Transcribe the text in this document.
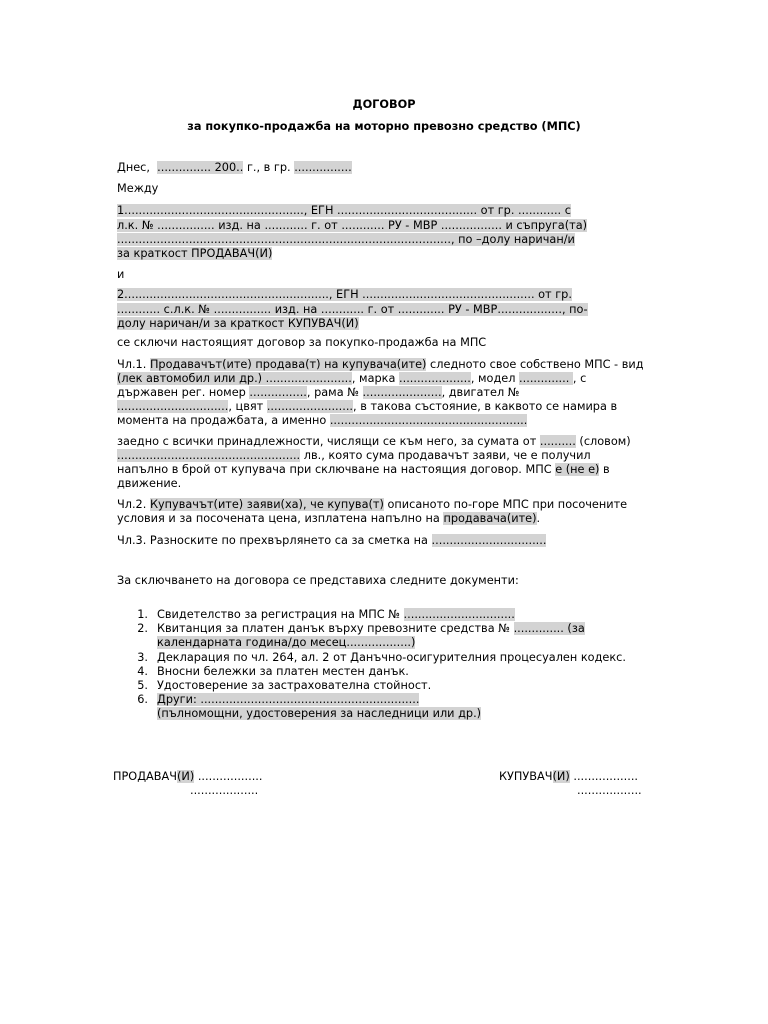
ДОГОВОР
за покупко-продажба на моторно превозно средство (МПС)
Днес,  ............... 200.. г., в гр. ................
Между
1.................................................., ЕГН ....................................... от гр. ............ с
л.к. № ................ изд. на ............ г. от ............ РУ - МВР ................. и съпруга(та)
............................................................................................., по –долу наричан/и
за краткост ПРОДАВАЧ(И)
и
2........................................................., ЕГН ................................................ от гр.
............ с.л.к. № ................ изд. на ............ г. от ............. РУ - МВР.................., по-
долу наричан/и за краткост КУПУВАЧ(И)
се сключи настоящият договор за покупко-продажба на МПС
Чл.1. Продавачът(ите) продава(т) на купувача(ите) следното свое собствено МПС - вид
(лек автомобил или др.) ........................, марка ...................., модел .............. , с
държавен рег. номер ................, рама № ......................, двигател №
..............................., цвят ........................, в такова състояние, в каквото се намира в
момента на продажбата, а именно .......................................................
заедно с всички принадлежности, числящи се към него, за сумата от .......... (словом)
................................................... лв., която сума продавачът заяви, че е получил
напълно в брой от купувача при сключване на настоящия договор. МПС е (не е) в
движение.
Чл.2. Купувачът(ите) заяви(ха), че купува(т) описаното по-горе МПС при посочените
условия и за посочената цена, изплатена напълно на продавача(ите).
Чл.3. Разноските по прехвърлянето са за сметка на ................................
За сключването на договора се представиха следните документи:
1. Свидетелство за регистрация на МПС № ...............................
2. Квитанция за платен данък върху превозните средства № .............. (за
календарната година/до месец..................)
3. Декларация по чл. 264, ал. 2 от Данъчно-осигурителния процесуален кодекс.
4. Вносни бележки за платен местен данък.
5. Удостоверение за застрахователна стойност.
6. Други: .............................................................
(пълномощни, удостоверения за наследници или др.)
ПРОДАВАЧ(И) ..................
...................
КУПУВАЧ(И) ..................
..................
